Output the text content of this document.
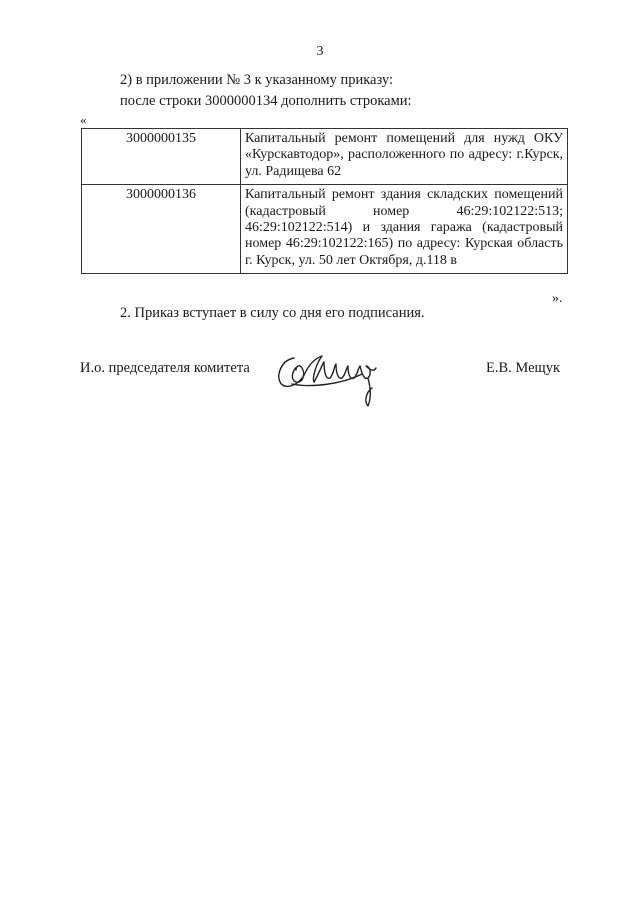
3
2) в приложении № 3 к указанному приказу:
после строки 3000000134 дополнить строками:
«
3000000135	Капитальный ремонт помещений для нужд ОКУ «Курскавтодор», расположенного по адресу: г.Курск, ул. Радищева 62
3000000136	Капитальный ремонт здания складских помещений (кадастровый номер 46:29:102122:513; 46:29:102122:514) и здания гаража (кадастровый номер 46:29:102122:165) по адресу: Курская область г. Курск, ул. 50 лет Октября, д.118 в
».
2. Приказ вступает в силу со дня его подписания.
И.о. председателя комитета	Е.В. Мещук
